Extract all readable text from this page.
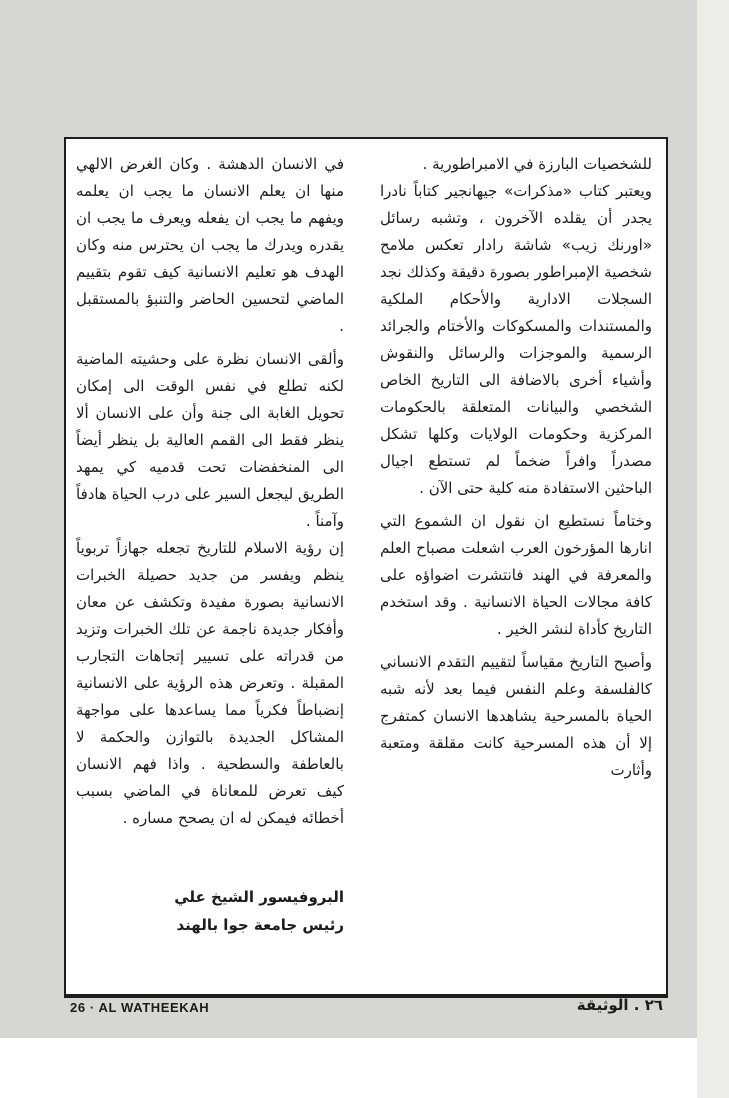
للشخصيات البارزة في الامبراطورية .
ويعتبر كتاب «مذكرات» جيهانجير كتاباً نادرا يجدر أن يقلده الآخرون ، وتشبه رسائل «اورنك زيب» شاشة رادار تعكس ملامح شخصية الإمبراطور بصورة دقيقة وكذلك نجد السجلات الادارية والأحكام الملكية والمستندات والمسكوكات والأختام والجرائد الرسمية والموجزات والرسائل والنقوش وأشياء أخرى بالاضافة الى التاريخ الخاص الشخصي والبيانات المتعلقة بالحكومات المركزية وحكومات الولايات وكلها تشكل مصدراً وافراً ضخماً لم تستطع اجيال الباحثين الاستفادة منه كلية حتى الآن .

وختاماً نستطيع ان نقول ان الشموع التي انارها المؤرخون العرب اشعلت مصباح العلم والمعرفة في الهند فانتشرت اضواؤه على كافة مجالات الحياة الانسانية . وقد استخدم التاريخ كأداة لنشر الخير .

وأصبح التاريخ مقياساً لتقييم التقدم الانساني كالفلسفة وعلم النفس فيما بعد لأنه شبه الحياة بالمسرحية يشاهدها الانسان كمتفرج إلا أن هذه المسرحية كانت مقلقة ومتعبة وأثارت

في الانسان الدهشة . وكان الغرض الالهي منها ان يعلم الانسان ما يجب ان يعلمه ويفهم ما يجب ان يفعله ويعرف ما يجب ان يقدره ويدرك ما يجب ان يحترس منه وكان الهدف هو تعليم الانسانية كيف تقوم بتقييم الماضي لتحسين الحاضر والتنبؤ بالمستقبل .

وألقى الانسان نظرة على وحشيته الماضية لكنه تطلع في نفس الوقت الى إمكان تحويل الغابة الى جنة وأن على الانسان ألا ينظر فقط الى القمم العالية بل ينظر أيضاً الى المنخفضات تحت قدميه كي يمهد الطريق ليجعل السير على درب الحياة هادفاً وآمناً .

إن رؤية الاسلام للتاريخ تجعله جهازاً تربوياً ينظم ويفسر من جديد حصيلة الخبرات الانسانية بصورة مفيدة وتكشف عن معان وأفكار جديدة ناجمة عن تلك الخبرات وتزيد من قدراته على تسيير إتجاهات التجارب المقبلة . وتعرض هذه الرؤية على الانسانية إنضباطاً فكرياً مما يساعدها على مواجهة المشاكل الجديدة بالتوازن والحكمة لا بالعاطفة والسطحية . واذا فهم الانسان كيف تعرض للمعاناة في الماضي بسبب أخطائه فيمكن له ان يصحح مساره .

البروفيسور الشيخ علي
رئيس جامعة جوا بالهند
26 · AL WATHEEKAH	٢٦ . الوثيقة
